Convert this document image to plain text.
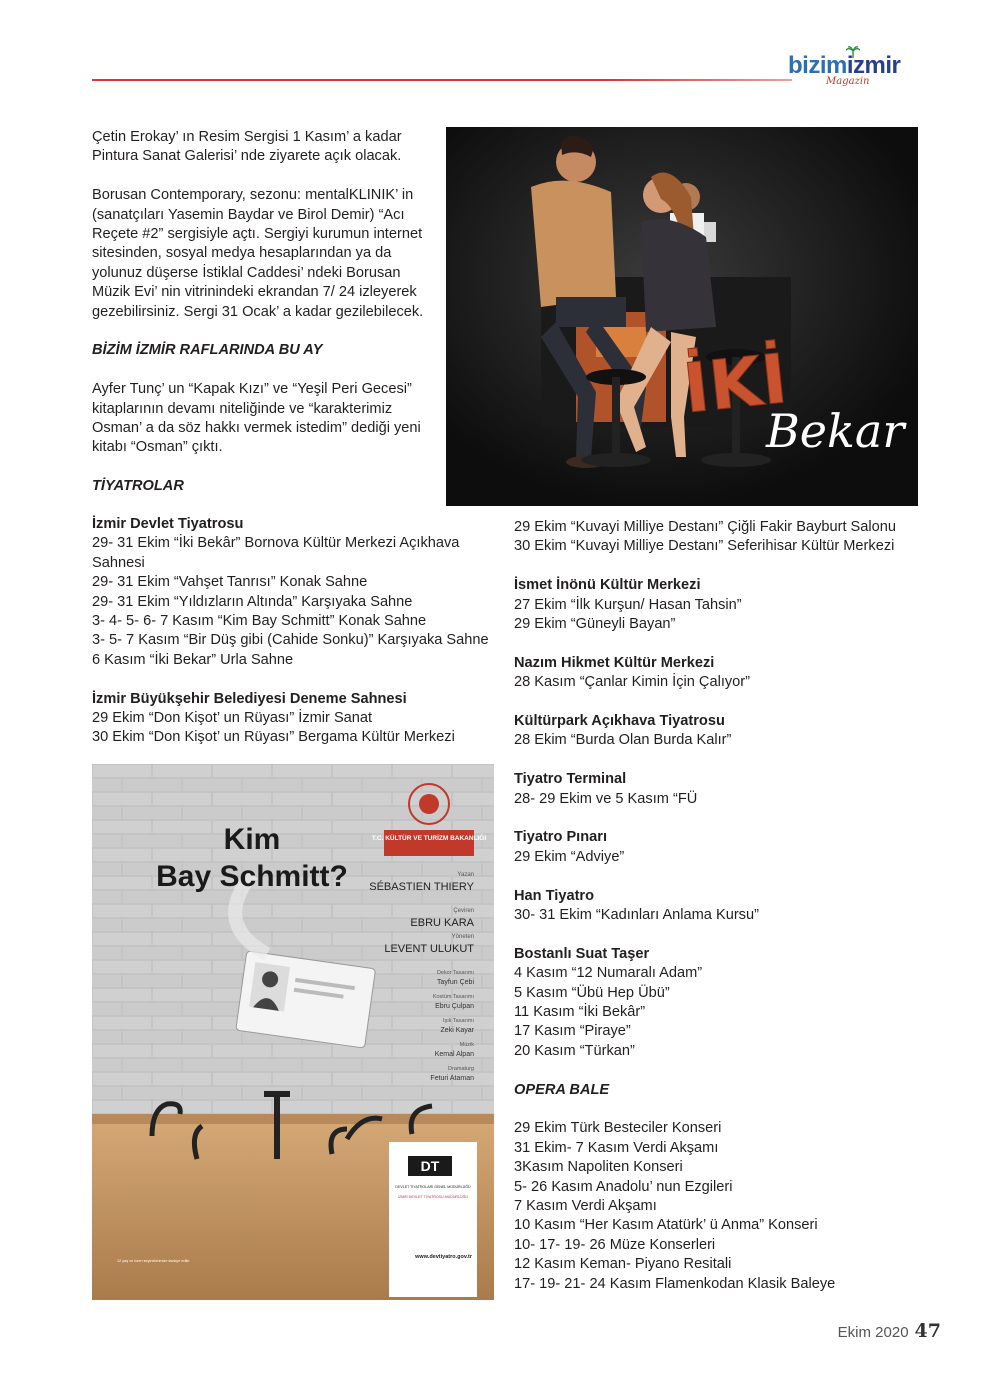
bizimizmir
Magazin
Çetin Erokay’ ın Resim Sergisi 1 Kasım’ a kadar
Pintura Sanat Galerisi’ nde ziyarete açık olacak.
Borusan Contemporary, sezonu: mentalKLINIK’ in
(sanatçıları Yasemin Baydar ve Birol Demir) “Acı
Reçete #2” sergisiyle açtı. Sergiyi kurumun internet
sitesinden, sosyal medya hesaplarından ya da
yolunuz düşerse İstiklal Caddesi’ ndeki Borusan
Müzik Evi’ nin vitrinindeki ekrandan 7/ 24 izleyerek
gezebilirsiniz. Sergi 31 Ocak’ a kadar gezilebilecek.
BİZİM İZMİR RAFLARINDA BU AY
Ayfer Tunç’ un “Kapak Kızı” ve “Yeşil Peri Gecesi”
kitaplarının devamı niteliğinde ve “karakterimiz
Osman’ a da söz hakkı vermek istedim” dediği yeni
kitabı “Osman” çıktı.
TİYATROLAR
İzmir Devlet Tiyatrosu
29- 31 Ekim “İki Bekâr” Bornova Kültür Merkezi Açıkhava
Sahnesi
29- 31 Ekim “Vahşet Tanrısı” Konak Sahne
29- 31 Ekim “Yıldızların Altında” Karşıyaka Sahne
3- 4- 5- 6- 7 Kasım “Kim Bay Schmitt” Konak Sahne
3- 5- 7 Kasım “Bir Düş gibi (Cahide Sonku)” Karşıyaka Sahne
6 Kasım “İki Bekar” Urla Sahne
İzmir Büyükşehir Belediyesi Deneme Sahnesi
29 Ekim “Don Kişot’ un Rüyası” İzmir Sanat
30 Ekim “Don Kişot’ un Rüyası” Bergama Kültür Merkezi
29 Ekim “Kuvayi Milliye Destanı” Çiğli Fakir Bayburt Salonu
30 Ekim “Kuvayi Milliye Destanı” Seferihisar Kültür Merkezi
İsmet İnönü Kültür Merkezi
27 Ekim “İlk Kurşun/ Hasan Tahsin”
29 Ekim “Güneyli Bayan”
Nazım Hikmet Kültür Merkezi
28 Kasım “Çanlar Kimin İçin Çalıyor”
Kültürpark Açıkhava Tiyatrosu
28 Ekim “Burda Olan Burda Kalır”
Tiyatro Terminal
28- 29 Ekim ve 5 Kasım “FÜ
Tiyatro Pınarı
29 Ekim “Adviye”
Han Tiyatro
30- 31 Ekim “Kadınları Anlama Kursu”
Bostanlı Suat Taşer
4 Kasım “12 Numaralı Adam”
5 Kasım “Übü Hep Übü”
11 Kasım “İki Bekâr”
17 Kasım “Piraye”
20 Kasım “Türkan”
OPERA BALE
29 Ekim Türk Besteciler Konseri
31 Ekim- 7 Kasım Verdi Akşamı
3Kasım Napoliten Konseri
5- 26 Kasım Anadolu’ nun Ezgileri
7 Kasım Verdi Akşamı
10 Kasım “Her Kasım Atatürk’ ü Anma” Konseri
10- 17- 19- 26 Müze Konserleri
12 Kasım Keman- Piyano Resitali
17- 19- 21- 24 Kasım Flamenkodan Klasik Baleye
İKİ
Bekar
T.C. KÜLTÜR VE TURİZM BAKANLIĞI
Kim
Bay Schmitt?	Yazan
SÉBASTIEN THIERY
Çeviren
EBRU KARA
Yöneten
LEVENT ULUKUT
Dekor Tasarımı
Tayfun Çebi
Kostüm Tasarımı
Ebru Çulpan
Işık Tasarımı
Zeki Kayar
Müzik
Kemal Alpan
Dramaturg
Feturi Ataman
DT
DEVLET TİYATROLARI GENEL MÜDÜRLÜĞÜ
İZMİR DEVLET TİYATROSU MÜDÜRLÜĞÜ
www.devtiyatro.gov.tr
12 yaş ve üzeri seyircilerimize tavsiye edilir.
Ekim 2020 47
